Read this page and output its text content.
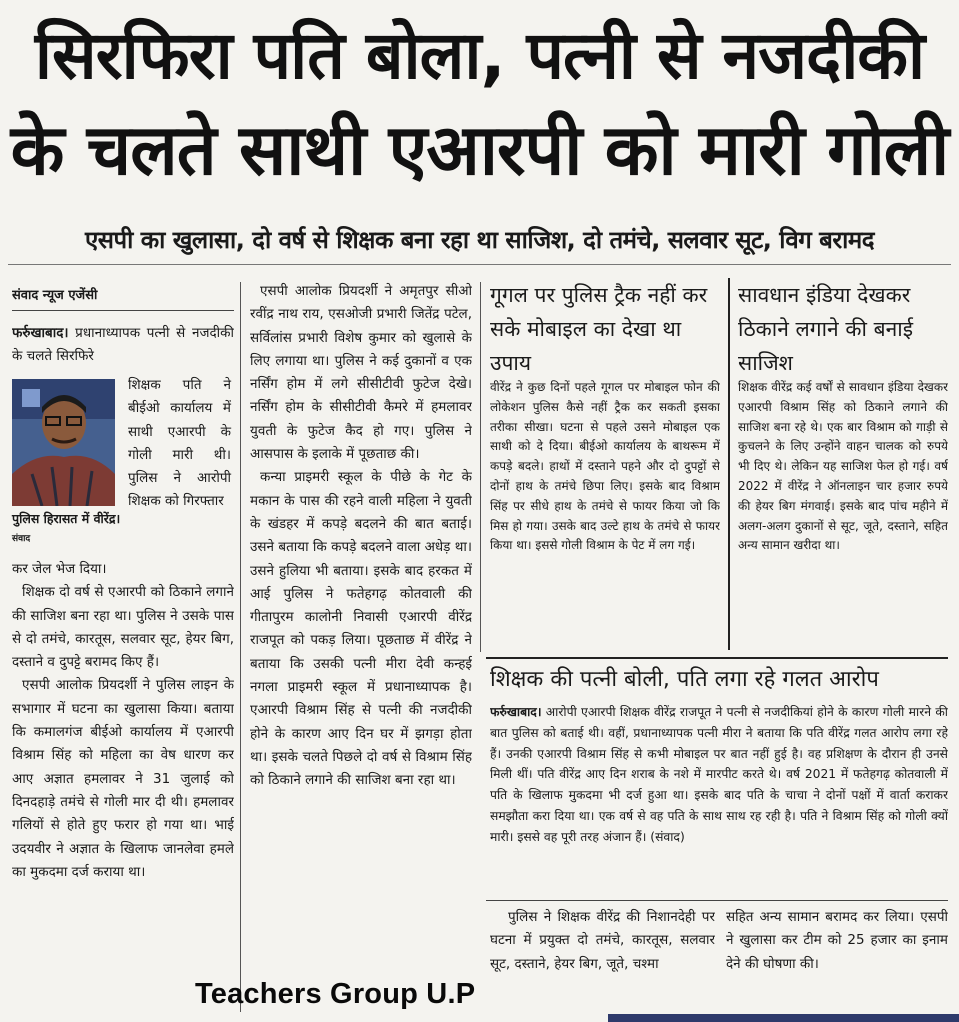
सिरफिरा पति बोला, पत्नी से नजदीकी
के चलते साथी एआरपी को मारी गोली
एसपी का खुलासा, दो वर्ष से शिक्षक बना रहा था साजिश, दो तमंचे, सलवार सूट, विग बरामद
संवाद न्यूज एजेंसी

फर्रुखाबाद। प्रधानाध्यापक पत्नी से नजदीकी के चलते सिरफिरे

पुलिस हिरासत में वीरेंद्र। संवाद
शिक्षक पति ने बीईओ कार्यालय में साथी एआरपी के गोली मारी थी। पुलिस ने आरोपी शिक्षक को गिरफ्तार

कर जेल भेज दिया।

शिक्षक दो वर्ष से एआरपी को ठिकाने लगाने की साजिश बना रहा था। पुलिस ने उसके पास से दो तमंचे, कारतूस, सलवार सूट, हेयर बिग, दस्ताने व दुपट्टे बरामद किए हैं।

एसपी आलोक प्रियदर्शी ने पुलिस लाइन के सभागार में घटना का खुलासा किया। बताया कि कमालगंज बीईओ कार्यालय में एआरपी विश्राम सिंह को महिला का वेष धारण कर आए अज्ञात हमलावर ने 31 जुलाई को दिनदहाड़े तमंचे से गोली मार दी थी। हमलावर गलियों से होते हुए फरार हो गया था। भाई उदयवीर ने अज्ञात के खिलाफ जानलेवा हमले का मुकदमा दर्ज कराया था।

एसपी आलोक प्रियदर्शी ने अमृतपुर सीओ रवींद्र नाथ राय, एसओजी प्रभारी जितेंद्र पटेल, सर्विलांस प्रभारी विशेष कुमार को खुलासे के लिए लगाया था। पुलिस ने कई दुकानों व एक नर्सिंग होम में लगे सीसीटीवी फुटेज देखे। नर्सिंग होम के सीसीटीवी कैमरे में हमलावर युवती के फुटेज कैद हो गए। पुलिस ने आसपास के इलाके में पूछताछ की।

कन्या प्राइमरी स्कूल के पीछे के गेट के मकान के पास की रहने वाली महिला ने युवती के खंडहर में कपड़े बदलने की बात बताई। उसने बताया कि कपड़े बदलने वाला अधेड़ था। उसने हुलिया भी बताया। इसके बाद हरकत में आई पुलिस ने फतेहगढ़ कोतवाली की गीतापुरम कालोनी निवासी एआरपी वीरेंद्र राजपूत को पकड़ लिया। पूछताछ में वीरेंद्र ने बताया कि उसकी पत्नी मीरा देवी कन्हई नगला प्राइमरी स्कूल में प्रधानाध्यापक है। एआरपी विश्राम सिंह से पत्नी की नजदीकी होने के कारण आए दिन घर में झगड़ा होता था। इसके चलते पिछले दो वर्ष से विश्राम सिंह को ठिकाने लगाने की साजिश बना रहा था।

गूगल पर पुलिस ट्रैक नहीं कर सके मोबाइल का देखा था उपाय
वीरेंद्र ने कुछ दिनों पहले गूगल पर मोबाइल फोन की लोकेशन पुलिस कैसे नहीं ट्रैक कर सकती इसका तरीका सीखा। घटना से पहले उसने मोबाइल एक साथी को दे दिया। बीईओ कार्यालय के बाथरूम में कपड़े बदले। हाथों में दस्ताने पहने और दो दुपट्टों से दोनों हाथ के तमंचे छिपा लिए। इसके बाद विश्राम सिंह पर सीधे हाथ के तमंचे से फायर किया जो कि मिस हो गया। उसके बाद उल्टे हाथ के तमंचे से फायर किया था। इससे गोली विश्राम के पेट में लग गई।
सावधान इंडिया देखकर ठिकाने लगाने की बनाई साजिश
शिक्षक वीरेंद्र कई वर्षों से सावधान इंडिया देखकर एआरपी विश्राम सिंह को ठिकाने लगाने की साजिश बना रहे थे। एक बार विश्राम को गाड़ी से कुचलने के लिए उन्होंने वाहन चालक को रुपये भी दिए थे। लेकिन यह साजिश फेल हो गई। वर्ष 2022 में वीरेंद्र ने ऑनलाइन चार हजार रुपये की हेयर बिग मंगवाई। इसके बाद पांच महीने में अलग-अलग दुकानों से सूट, जूते, दस्ताने, सहित अन्य सामान खरीदा था।
शिक्षक की पत्नी बोली, पति लगा रहे गलत आरोप

फर्रुखाबाद। आरोपी एआरपी शिक्षक वीरेंद्र राजपूत ने पत्नी से नजदीकियां होने के कारण गोली मारने की बात पुलिस को बताई थी। वहीं, प्रधानाध्यापक पत्नी मीरा ने बताया कि पति वीरेंद्र गलत आरोप लगा रहे हैं। उनकी एआरपी विश्राम सिंह से कभी मोबाइल पर बात नहीं हुई है। वह प्रशिक्षण के दौरान ही उनसे मिली थीं। पति वीरेंद्र आए दिन शराब के नशे में मारपीट करते थे। वर्ष 2021 में फतेहगढ़ कोतवाली में पति के खिलाफ मुकदमा भी दर्ज हुआ था। इसके बाद पति के चाचा ने दोनों पक्षों में वार्ता कराकर समझौता करा दिया था। एक वर्ष से वह पति के साथ साथ रह रही है। पति ने विश्राम सिंह को गोली क्यों मारी। इससे वह पूरी तरह अंजान हैं। (संवाद)

पुलिस ने शिक्षक वीरेंद्र की निशानदेही पर घटना में प्रयुक्त दो तमंचे, कारतूस, सलवार सूट, दस्ताने, हेयर बिग, जूते, चश्मा
सहित अन्य सामान बरामद कर लिया। एसपी ने खुलासा कर टीम को 25 हजार का इनाम देने की घोषणा की।
Teachers Group U.P
